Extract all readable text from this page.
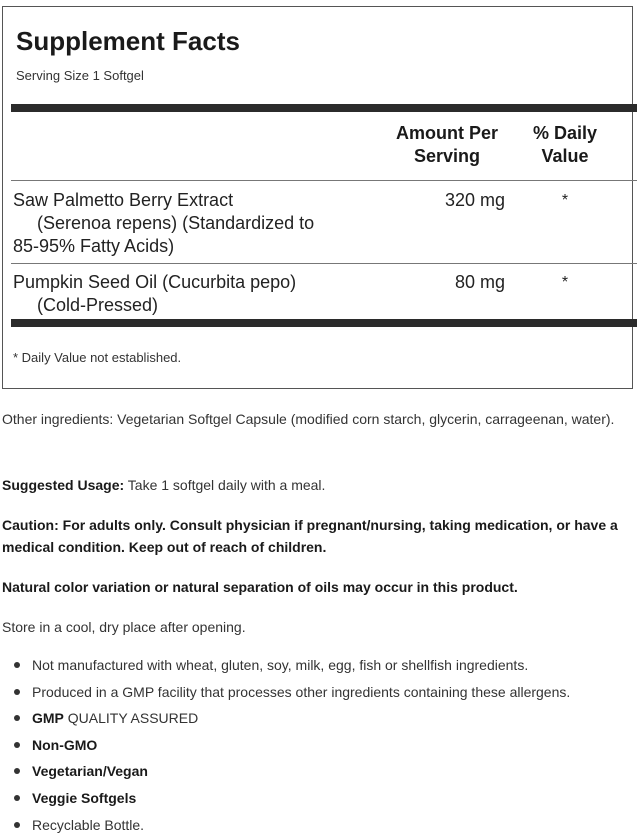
Supplement Facts
Serving Size 1 Softgel
Amount Per
Serving
% Daily
Value
Saw Palmetto Berry Extract
(Serenoa repens) (Standardized to
85-95% Fatty Acids)
320 mg	*
Pumpkin Seed Oil (Cucurbita pepo)
(Cold-Pressed)
80 mg	*
* Daily Value not established.
Other ingredients: Vegetarian Softgel Capsule (modified corn starch, glycerin, carrageenan, water).
Suggested Usage: Take 1 softgel daily with a meal.
Caution: For adults only. Consult physician if pregnant/nursing, taking medication, or have a medical condition. Keep out of reach of children.
Natural color variation or natural separation of oils may occur in this product.
Store in a cool, dry place after opening.
Not manufactured with wheat, gluten, soy, milk, egg, fish or shellfish ingredients.
Produced in a GMP facility that processes other ingredients containing these allergens.
GMP QUALITY ASSURED
Non-GMO
Vegetarian/Vegan
Veggie Softgels
Recyclable Bottle.
